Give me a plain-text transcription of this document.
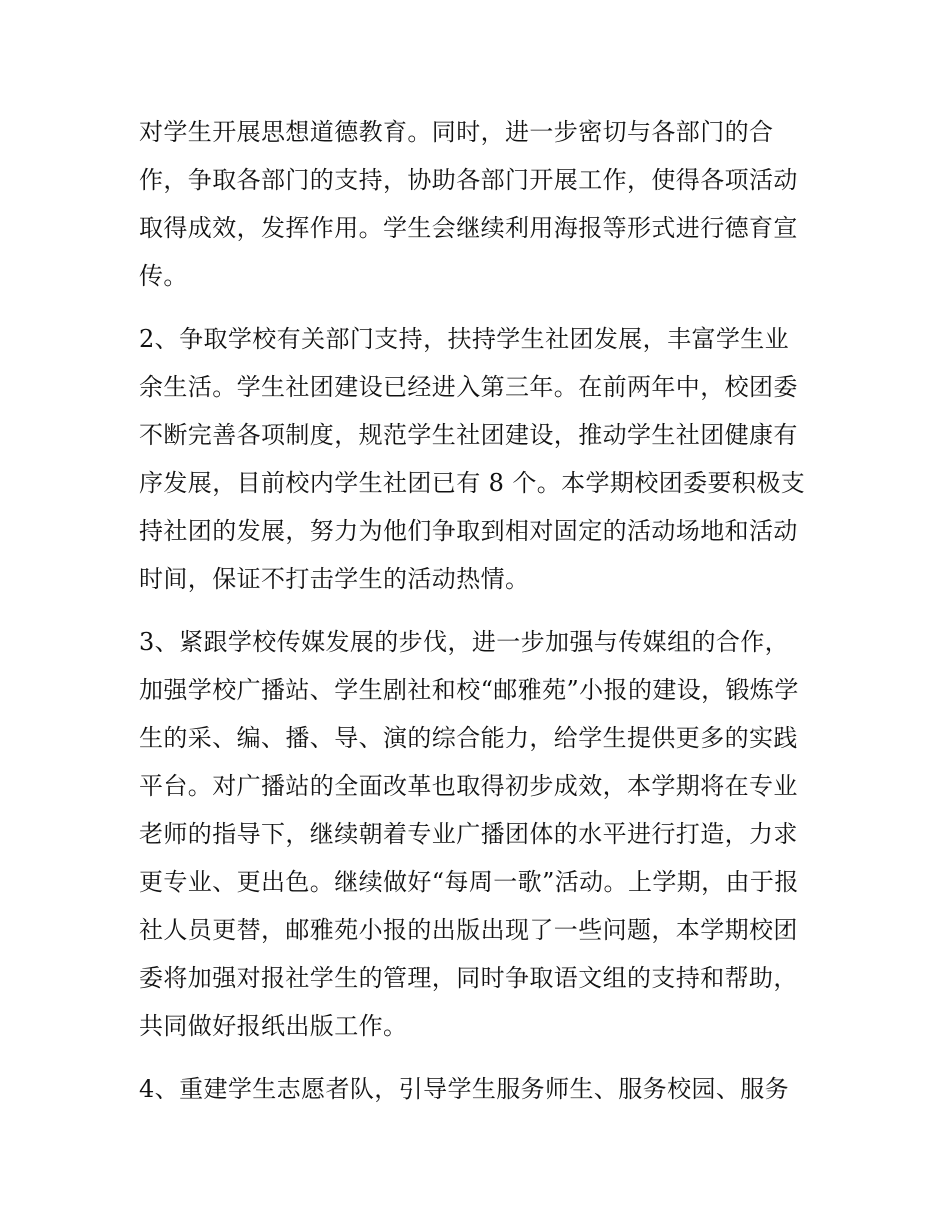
对学生开展思想道德教育。同时，进一步密切与各部门的合
作，争取各部门的支持，协助各部门开展工作，使得各项活动
取得成效，发挥作用。学生会继续利用海报等形式进行德育宣
传。
2、争取学校有关部门支持，扶持学生社团发展，丰富学生业
余生活。学生社团建设已经进入第三年。在前两年中，校团委
不断完善各项制度，规范学生社团建设，推动学生社团健康有
序发展，目前校内学生社团已有 8 个。本学期校团委要积极支
持社团的发展，努力为他们争取到相对固定的活动场地和活动
时间，保证不打击学生的活动热情。
3、紧跟学校传媒发展的步伐，进一步加强与传媒组的合作，
加强学校广播站、学生剧社和校“邮雅苑”小报的建设，锻炼学
生的采、编、播、导、演的综合能力，给学生提供更多的实践
平台。对广播站的全面改革也取得初步成效，本学期将在专业
老师的指导下，继续朝着专业广播团体的水平进行打造，力求
更专业、更出色。继续做好“每周一歌”活动。上学期，由于报
社人员更替，邮雅苑小报的出版出现了一些问题，本学期校团
委将加强对报社学生的管理，同时争取语文组的支持和帮助，
共同做好报纸出版工作。
4、重建学生志愿者队，引导学生服务师生、服务校园、服务
